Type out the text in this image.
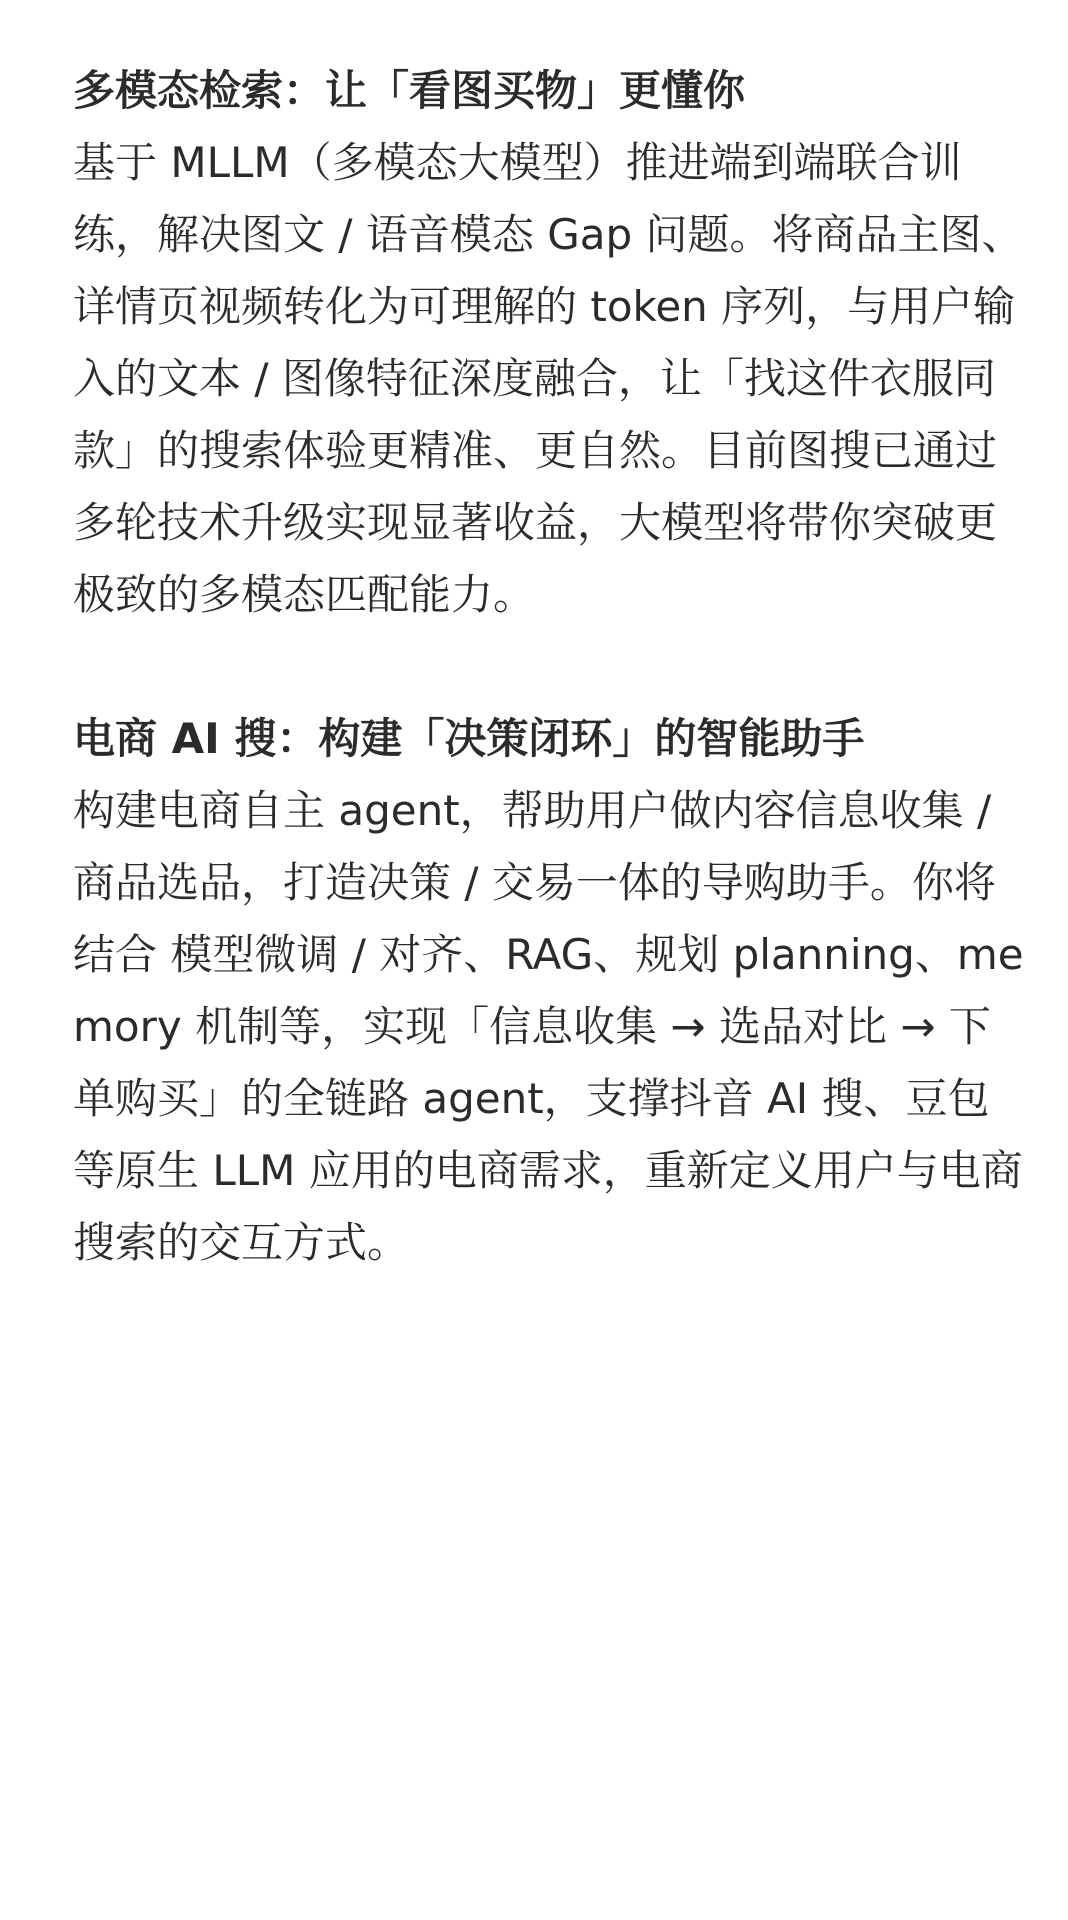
多模态检索：让「看图买物」更懂你

基于 MLLM（多模态大模型）推进端到端联合训练，解决图文 / 语音模态 Gap 问题。将商品主图、详情页视频转化为可理解的 token 序列，与用户输入的文本 / 图像特征深度融合，让「找这件衣服同款」的搜索体验更精准、更自然。目前图搜已通过多轮技术升级实现显著收益，大模型将带你突破更极致的多模态匹配能力。

电商 AI 搜：构建「决策闭环」的智能助手

构建电商自主 agent，帮助用户做内容信息收集 / 商品选品，打造决策 / 交易一体的导购助手。你将结合 模型微调 / 对齐、RAG、规划 planning、memory 机制等，实现「信息收集 → 选品对比 → 下单购买」的全链路 agent，支撑抖音 AI 搜、豆包等原生 LLM 应用的电商需求，重新定义用户与电商搜索的交互方式。
